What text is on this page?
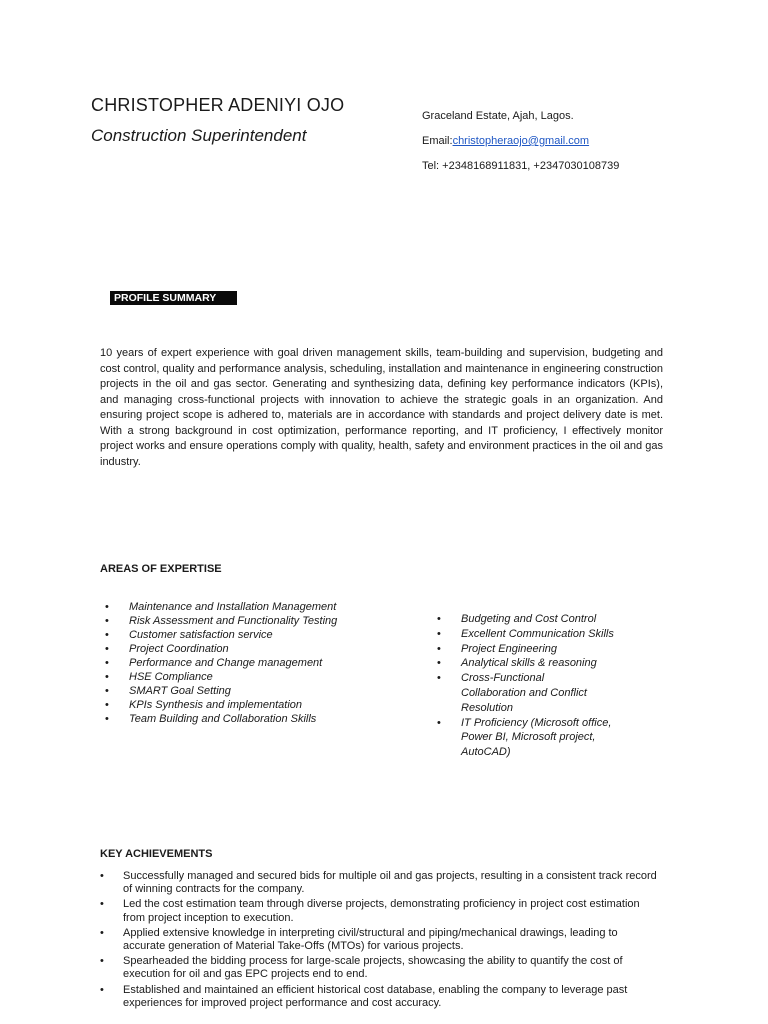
CHRISTOPHER ADENIYI OJO
Construction Superintendent
Graceland Estate, Ajah, Lagos.
Email:christopheraojo@gmail.com
Tel: +2348168911831, +2347030108739
PROFILE SUMMARY

10 years of expert experience with goal driven management skills, team-building and supervision, budgeting and cost control, quality and performance analysis, scheduling, installation and maintenance in engineering construction projects in the oil and gas sector. Generating and synthesizing data, defining key performance indicators (KPIs), and managing cross-functional projects with innovation to achieve the strategic goals in an organization. And ensuring project scope is adhered to, materials are in accordance with standards and project delivery date is met. With a strong background in cost optimization, performance reporting, and IT proficiency, I effectively monitor project works and ensure operations comply with quality, health, safety and environment practices in the oil and gas industry.

AREAS OF EXPERTISE
• Maintenance and Installation Management
• Risk Assessment and Functionality Testing
• Customer satisfaction service
• Project Coordination
• Performance and Change management
• HSE Compliance
• SMART Goal Setting
• KPIs Synthesis and implementation
• Team Building and Collaboration Skills
• Budgeting and Cost Control
• Excellent Communication Skills
• Project Engineering
• Analytical skills & reasoning
• Cross-Functional Collaboration and Conflict Resolution
• IT Proficiency (Microsoft office, Power BI, Microsoft project, AutoCAD)
KEY ACHIEVEMENTS
• Successfully managed and secured bids for multiple oil and gas projects, resulting in a consistent track record of winning contracts for the company.
• Led the cost estimation team through diverse projects, demonstrating proficiency in project cost estimation from project inception to execution.
• Applied extensive knowledge in interpreting civil/structural and piping/mechanical drawings, leading to accurate generation of Material Take-Offs (MTOs) for various projects.
• Spearheaded the bidding process for large-scale projects, showcasing the ability to quantify the cost of execution for oil and gas EPC projects end to end.
• Established and maintained an efficient historical cost database, enabling the company to leverage past experiences for improved project performance and cost accuracy.
